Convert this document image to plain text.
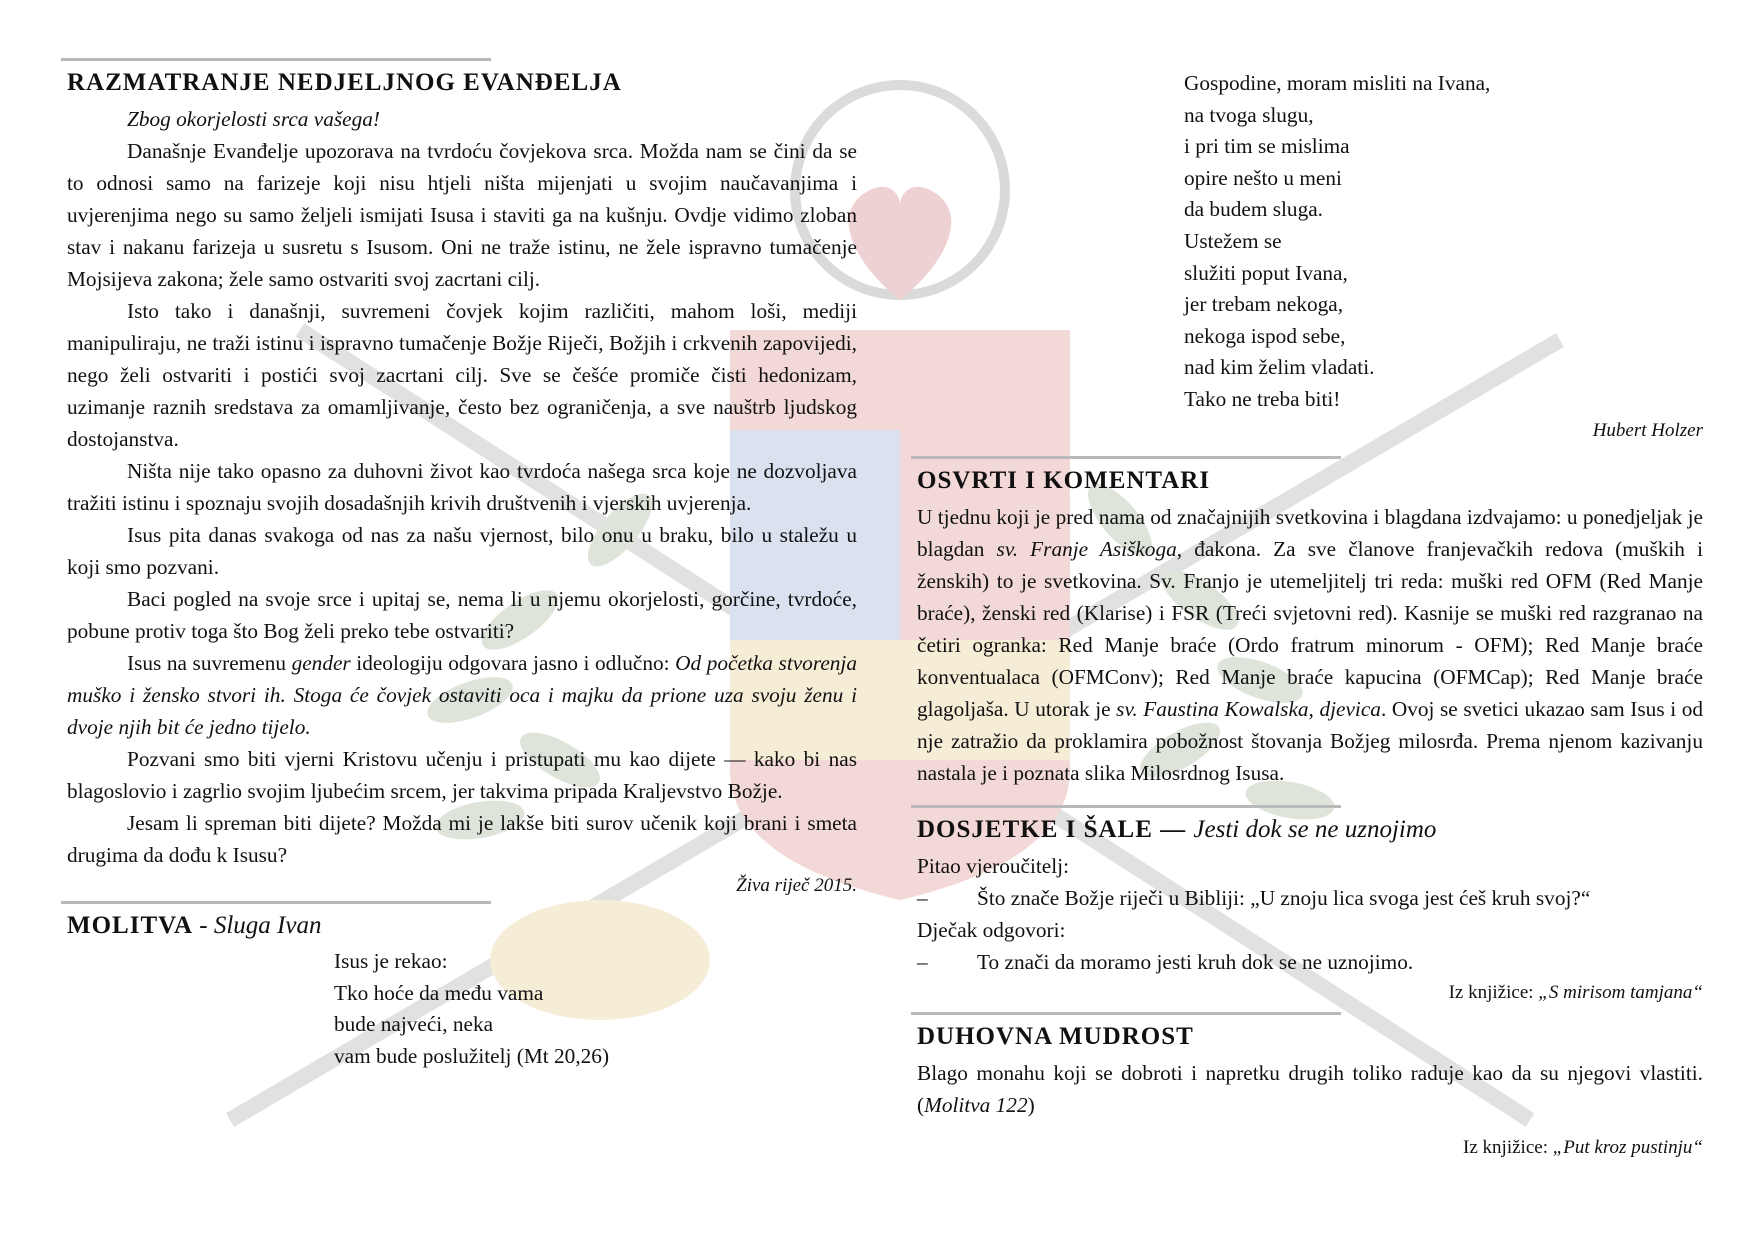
RAZMATRANJE NEDJELJNOG EVANĐELJA

Zbog okorjelosti srca vašega!

Današnje Evanđelje upozorava na tvrdoću čovjekova srca. Možda nam se čini da se to odnosi samo na farizeje koji nisu htjeli ništa mijenjati u svojim naučavanjima i uvjerenjima nego su samo željeli ismijati Isusa i staviti ga na kušnju. Ovdje vidimo zloban stav i nakanu farizeja u susretu s Isusom. Oni ne traže istinu, ne žele ispravno tumačenje Mojsijeva zakona; žele samo ostvariti svoj zacrtani cilj.

Isto tako i današnji, suvremeni čovjek kojim različiti, mahom loši, mediji manipuliraju, ne traži istinu i ispravno tumačenje Božje Riječi, Božjih i crkvenih zapovijedi, nego želi ostvariti i postići svoj zacrtani cilj. Sve se češće promiče čisti hedonizam, uzimanje raznih sredstava za omamljivanje, često bez ograničenja, a sve nauštrb ljudskog dostojanstva.

Ništa nije tako opasno za duhovni život kao tvrdoća našega srca koje ne dozvoljava tražiti istinu i spoznaju svojih dosadašnjih krivih društvenih i vjerskih uvjerenja.

Isus pita danas svakoga od nas za našu vjernost, bilo onu u braku, bilo u staležu u koji smo pozvani.

Baci pogled na svoje srce i upitaj se, nema li u njemu okorjelosti, gorčine, tvrdoće, pobune protiv toga što Bog želi preko tebe ostvariti?

Isus na suvremenu gender ideologiju odgovara jasno i odlučno: Od početka stvorenja muško i žensko stvori ih. Stoga će čovjek ostaviti oca i majku da prione uza svoju ženu i dvoje njih bit će jedno tijelo.

Pozvani smo biti vjerni Kristovu učenju i pristupati mu kao dijete — kako bi nas blagoslovio i zagrlio svojim ljubećim srcem, jer takvima pripada Kraljevstvo Božje.

Jesam li spreman biti dijete? Možda mi je lakše biti surov učenik koji brani i smeta drugima da dođu k Isusu?

Živa riječ 2015.
MOLITVA - Sluga Ivan
Isus je rekao:
Tko hoće da među vama
bude najveći, neka
vam bude poslužitelj (Mt 20,26)
Gospodine, moram misliti na Ivana,
na tvoga slugu,
i pri tim se mislima
opire nešto u meni
da budem sluga.
Ustežem se
služiti poput Ivana,
jer trebam nekoga,
nekoga ispod sebe,
nad kim želim vladati.
Tako ne treba biti!
Hubert Holzer
OSVRTI I KOMENTARI

U tjednu koji je pred nama od značajnijih svetkovina i blagdana izdvajamo: u ponedjeljak je blagdan sv. Franje Asiškoga, đakona. Za sve članove franjevačkih redova (muških i ženskih) to je svetkovina. Sv. Franjo je utemeljitelj tri reda: muški red OFM (Red Manje braće), ženski red (Klarise) i FSR (Treći svjetovni red). Kasnije se muški red razgranao na četiri ogranka: Red Manje braće (Ordo fratrum minorum - OFM); Red Manje braće konventualaca (OFMConv); Red Manje braće kapucina (OFMCap); Red Manje braće glagoljaša. U utorak je sv. Faustina Kowalska, djevica. Ovoj se svetici ukazao sam Isus i od nje zatražio da proklamira pobožnost štovanja Božjeg milosrđa. Prema njenom kazivanju nastala je i poznata slika Milosrdnog Isusa.

DOSJETKE I ŠALE — Jesti dok se ne uznojimo
Pitao vjeroučitelj:
–	Što znače Božje riječi u Bibliji: „U znoju lica svoga jest ćeš kruh svoj?“
Dječak odgovori:
–	To znači da moramo jesti kruh dok se ne uznojimo.
Iz knjižice: „S mirisom tamjana“
DUHOVNA MUDROST

Blago monahu koji se dobroti i napretku drugih toliko raduje kao da su njegovi vlastiti. (Molitva 122)

Iz knjižice: „Put kroz pustinju“
